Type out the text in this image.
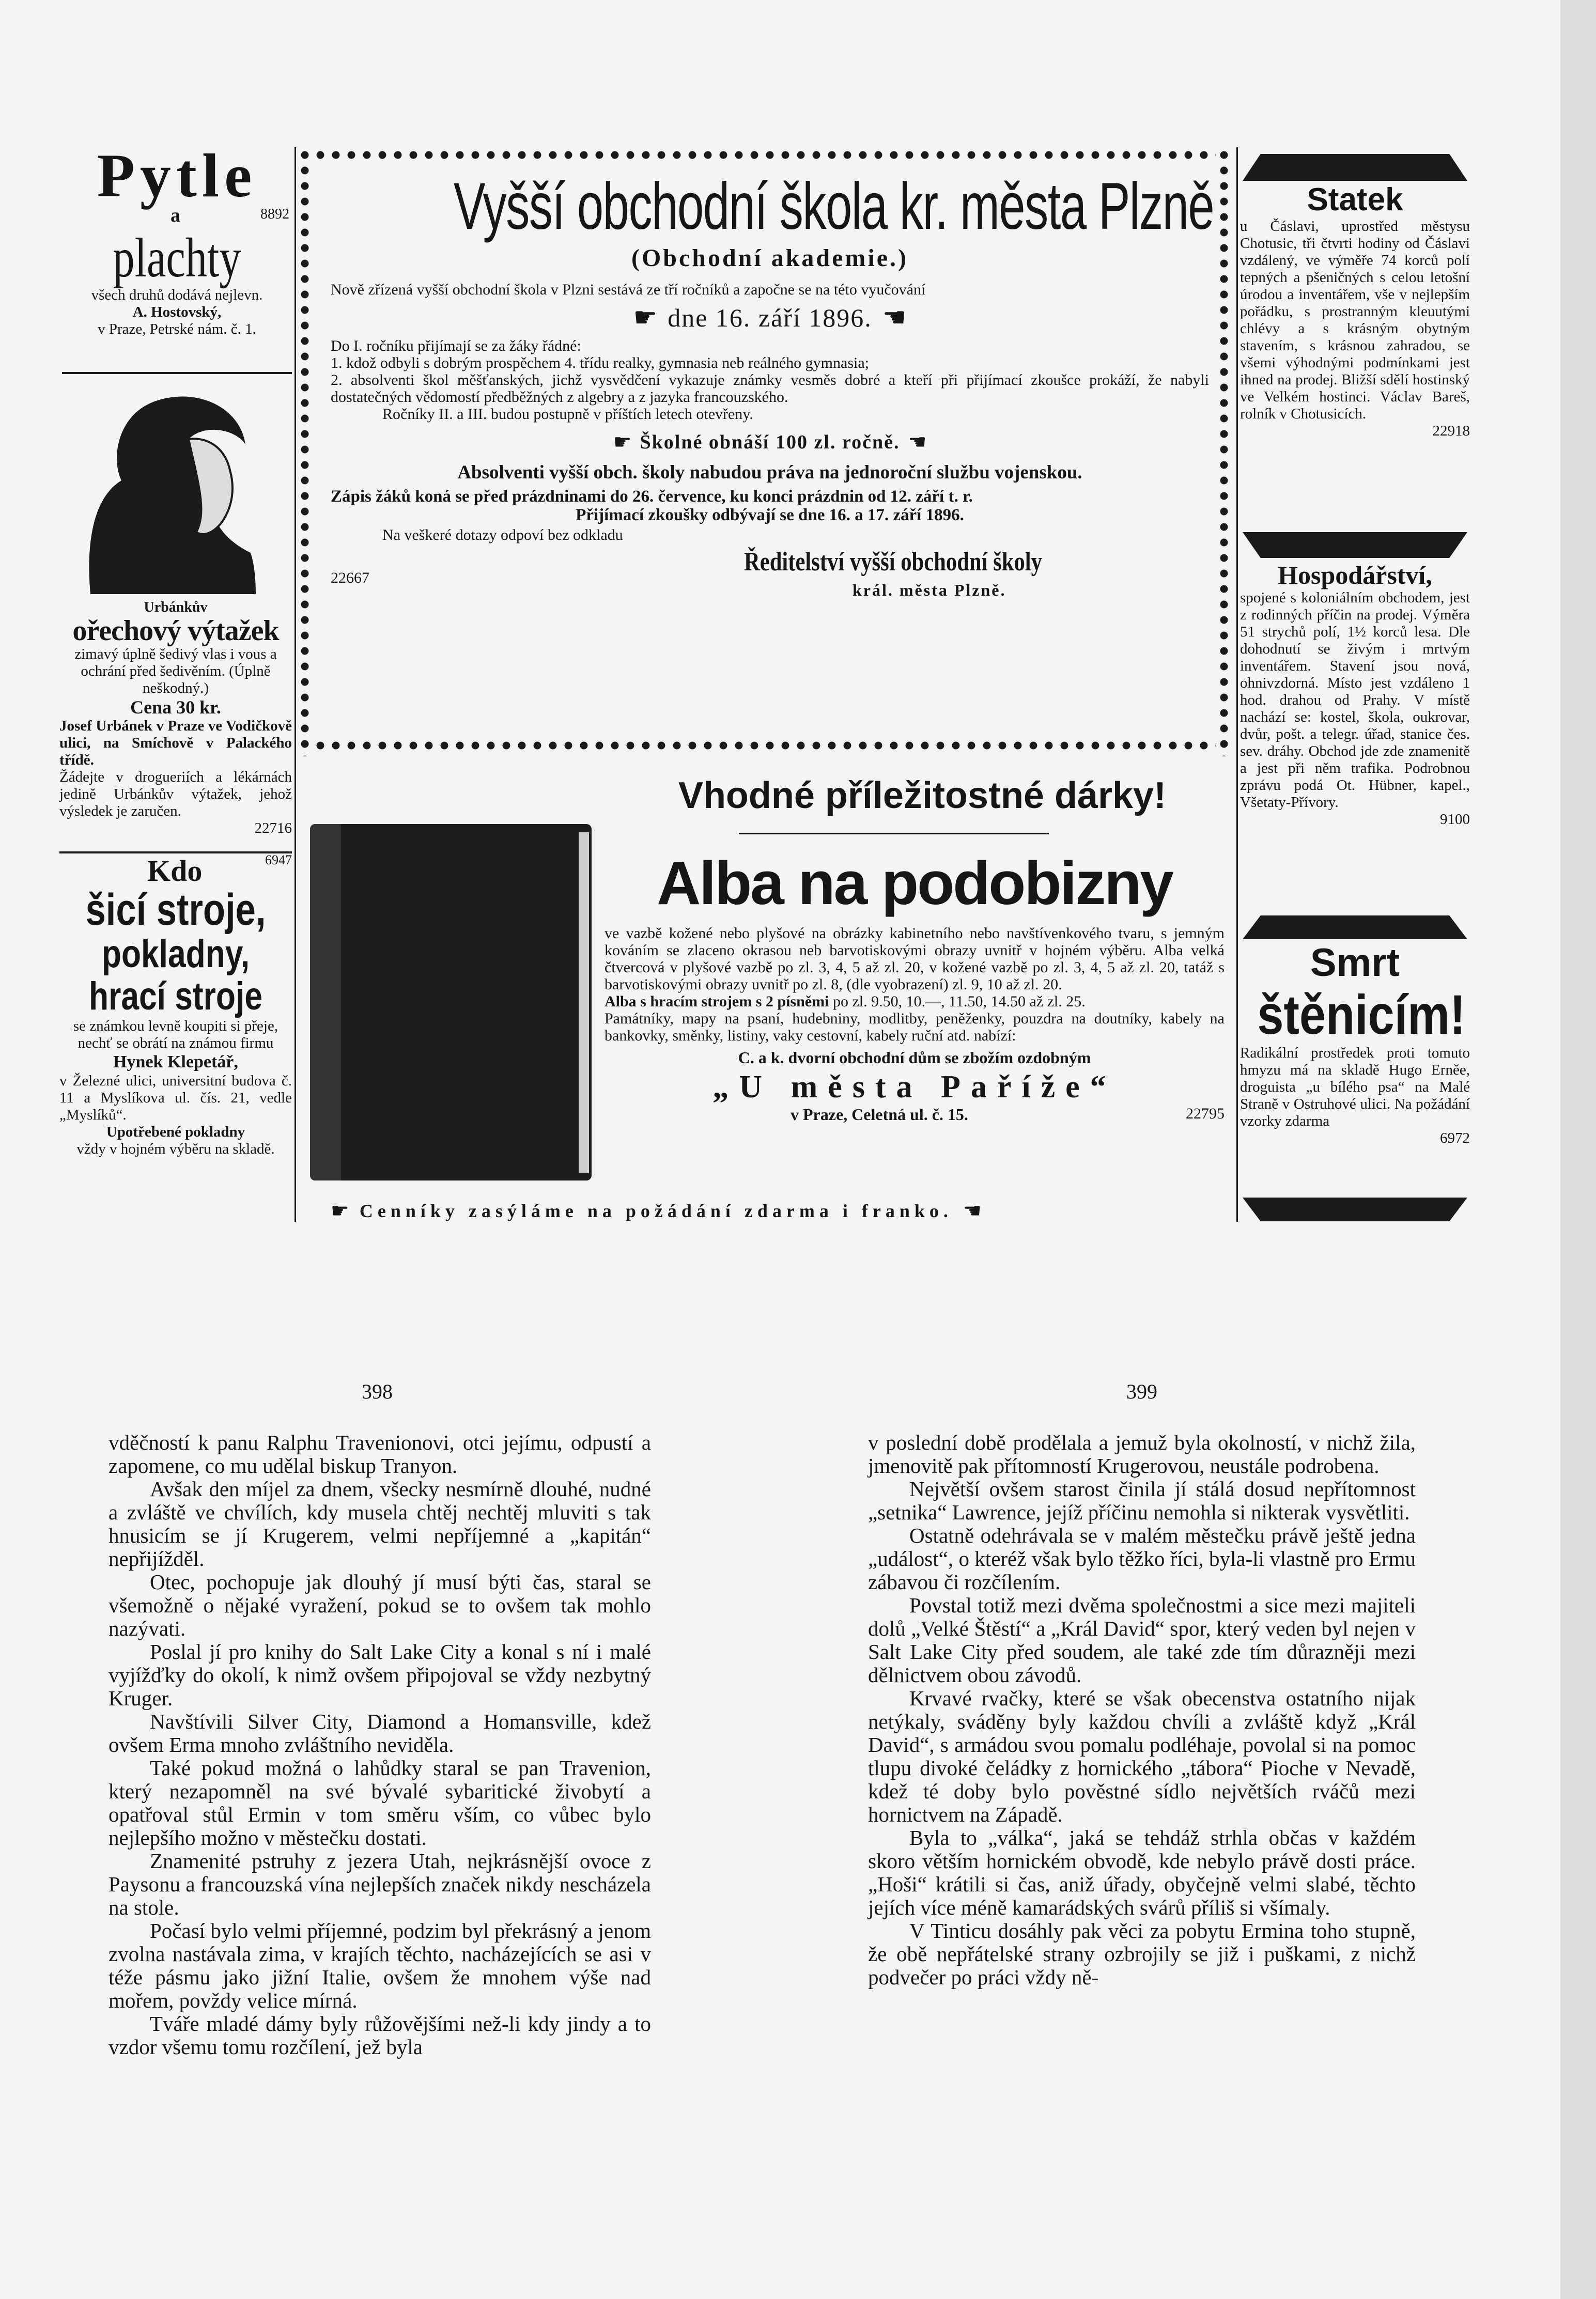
Pytle
a	8892
plachty
všech druhů dodává nejlevn.
A. Hostovský,
v Praze, Petrské nám. č. 1.
Urbánkův
ořechový výtažek

zimavý úplně šedivý vlas i vous a ochrání před šedivěním. (Úplně neškodný.)

Cena 30 kr.

Josef Urbánek v Praze ve Vodičkově ulici, na Smíchově v Palackého třídě.

Žádejte v drogueriích a lékárnách jedině Urbánkův výtažek, jehož výsledek je zaručen.

22716

Kdo	6947
šicí stroje,
pokladny,
hrací stroje

se známkou levně koupiti si přeje, nechť se obrátí na známou firmu

Hynek Klepetář,

v Železné ulici, universitní budova č. 11 a Myslíkova ul. čís. 21, vedle „Myslíků“.

Upotřebené pokladny

vždy v hojném výběru na skladě.

Vyšší obchodní škola kr. města Plzně
(Obchodní akademie.)

Nově zřízená vyšší obchodní škola v Plzni sestává ze tří ročníků a započne se na této vyučování

☛ dne 16. září 1896. ☚

Do I. ročníku přijímají se za žáky řádné:

1. kdož odbyli s dobrým prospěchem 4. třídu realky, gymnasia neb reálného gymnasia;

2. absolventi škol měšťanských, jichž vysvědčení vykazuje známky vesměs dobré a kteří při přijímací zkoušce prokáží, že nabyli dostatečných vědomostí předběžných z algebry a z jazyka francouzského.

Ročníky II. a III. budou postupně v příštích letech otevřeny.

☛ Školné obnáší 100 zl. ročně. ☚

Absolventi vyšší obch. školy nabudou práva na jednoroční službu vojenskou.

Zápis žáků koná se před prázdninami do 26. července, ku konci prázdnin od 12. září t. r.

Přijímací zkoušky odbývají se dne 16. a 17. září 1896.

Na veškeré dotazy odpoví bez odkladu

22667
Ředitelství vyšší obchodní školy
král. města Plzně.
Vhodné příležitostné dárky!
Alba na podobizny

ve vazbě kožené nebo plyšové na obrázky kabinetního nebo navštívenkového tvaru, s jemným kováním se zlaceno okrasou neb barvotiskovými obrazy uvnitř v hojném výběru. Alba velká čtvercová v plyšové vazbě po zl. 3, 4, 5 až zl. 20, v kožené vazbě po zl. 3, 4, 5 až zl. 20, tatáž s barvotiskovými obrazy uvnitř po zl. 8, (dle vyobrazení) zl. 9, 10 až zl. 20.

Alba s hracím strojem s 2 písněmi po zl. 9.50, 10.—, 11.50, 14.50 až zl. 25.

Památníky, mapy na psaní, hudebniny, modlitby, peněženky, pouzdra na doutníky, kabely na bankovky, směnky, listiny, vaky cestovní, kabely ruční atd. nabízí:

C. a k. dvorní obchodní dům se zbožím ozdobným

„U města Paříže“

v Praze, Celetná ul. č. 15.	22795
☛ Cenníky zasýláme na požádání zdarma i franko. ☚
Statek

u Čáslavi, uprostřed městysu Chotusic, tři čtvrti hodiny od Čáslavi vzdálený, ve výměře 74 korců polí tepných a pšeničných s celou letošní úrodou a inventářem, vše v nejlepším pořádku, s prostranným kleuutými chlévy a s krásným obytným stavením, s krásnou zahradou, se všemi výhodnými podmínkami jest ihned na prodej. Bližší sdělí hostinský ve Velkém hostinci. Václav Bareš, rolník v Chotusicích.

22918

Hospodářství,

spojené s koloniálním obchodem, jest z rodinných příčin na prodej. Výměra 51 strychů polí, 1½ korců lesa. Dle dohodnutí se živým i mrtvým inventářem. Stavení jsou nová, ohnivzdorná. Místo jest vzdáleno 1 hod. drahou od Prahy. V místě nachází se: kostel, škola, oukrovar, dvůr, pošt. a telegr. úřad, stanice čes. sev. dráhy. Obchod jde zde znamenitě a jest při něm trafika. Podrobnou zprávu podá Ot. Hübner, kapel., Všetaty-Přívory.

9100

Smrt
štěnicím!

Radikální prostředek proti tomuto hmyzu má na skladě Hugo Erněe, droguista „u bílého psa“ na Malé Straně v Ostruhové ulici. Na požádání vzorky zdarma

6972

398	399

vděčností k panu Ralphu Travenionovi, otci jejímu, odpustí a zapomene, co mu udělal biskup Tranyon.

Avšak den míjel za dnem, všecky nesmírně dlouhé, nudné a zvláště ve chvílích, kdy musela chtěj nechtěj mluviti s tak hnusicím se jí Krugerem, velmi nepříjemné a „kapitán“ nepřijížděl.

Otec, pochopuje jak dlouhý jí musí býti čas, staral se všemožně o nějaké vyražení, pokud se to ovšem tak mohlo nazývati.

Poslal jí pro knihy do Salt Lake City a konal s ní i malé vyjížďky do okolí, k nimž ovšem připojoval se vždy nezbytný Kruger.

Navštívili Silver City, Diamond a Homansville, kdež ovšem Erma mnoho zvláštního neviděla.

Také pokud možná o lahůdky staral se pan Travenion, který nezapomněl na své bývalé sybaritické živobytí a opatřoval stůl Ermin v tom směru vším, co vůbec bylo nejlepšího možno v městečku dostati.

Znamenité pstruhy z jezera Utah, nejkrásnější ovoce z Paysonu a francouzská vína nejlepších značek nikdy nescházela na stole.

Počasí bylo velmi příjemné, podzim byl překrásný a jenom zvolna nastávala zima, v krajích těchto, nacházejících se asi v téže pásmu jako jižní Italie, ovšem že mnohem výše nad mořem, povždy velice mírná.

Tváře mladé dámy byly růžovějšími než-li kdy jindy a to vzdor všemu tomu rozčílení, jež byla

v poslední době prodělala a jemuž byla okolností, v nichž žila, jmenovitě pak přítomností Krugerovou, neustále podrobena.

Největší ovšem starost činila jí stálá dosud nepřítomnost „setnika“ Lawrence, jejíž příčinu nemohla si nikterak vysvětliti.

Ostatně odehrávala se v malém městečku právě ještě jedna „událost“, o kteréž však bylo těžko říci, byla-li vlastně pro Ermu zábavou či rozčílením.

Povstal totiž mezi dvěma společnostmi a sice mezi majiteli dolů „Velké Štěstí“ a „Král David“ spor, který veden byl nejen v Salt Lake City před soudem, ale také zde tím důrazněji mezi dělnictvem obou závodů.

Krvavé rvačky, které se však obecenstva ostatního nijak netýkaly, sváděny byly každou chvíli a zvláště když „Král David“, s armádou svou pomalu podléhaje, povolal si na pomoc tlupu divoké čeládky z hornického „tábora“ Pioche v Nevadě, kdež té doby bylo pověstné sídlo největších rváčů mezi hornictvem na Západě.

Byla to „válka“, jaká se tehdáž strhla občas v každém skoro větším hornickém obvodě, kde nebylo právě dosti práce. „Hoši“ krátili si čas, aniž úřady, obyčejně velmi slabé, těchto jejích více méně kamarádských svárů příliš si všímaly.

V Tinticu dosáhly pak věci za pobytu Ermina toho stupně, že obě nepřátelské strany ozbrojily se již i puškami, z nichž podvečer po práci vždy ně-
